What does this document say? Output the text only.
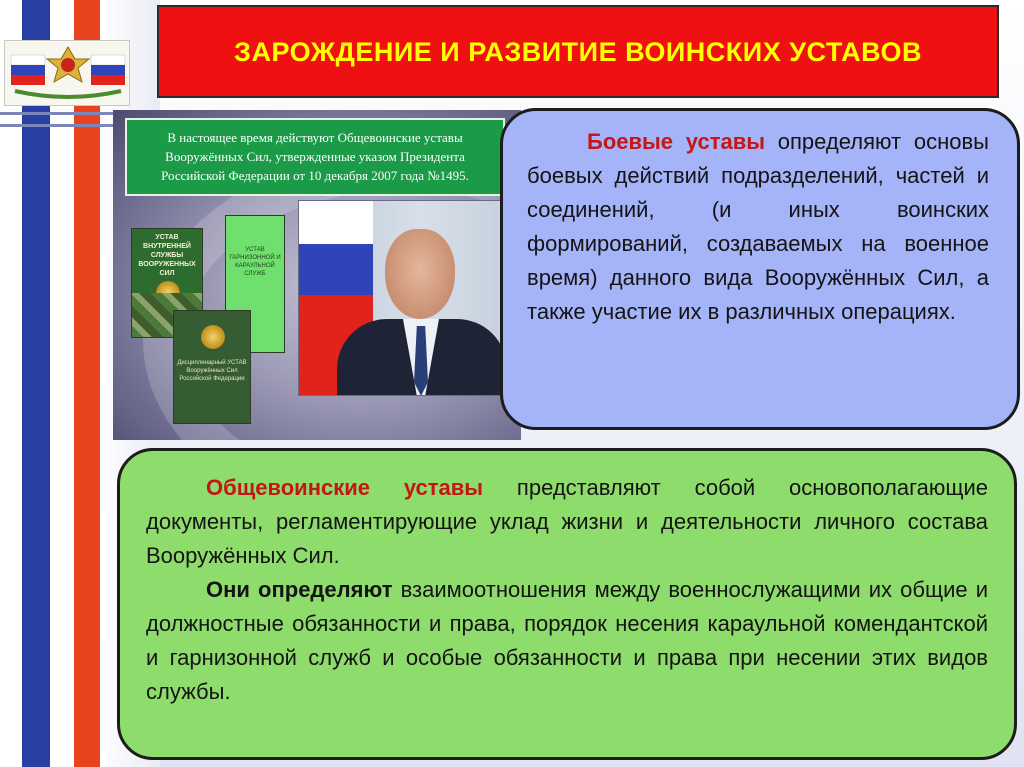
ЗАРОЖДЕНИЕ И РАЗВИТИЕ ВОИНСКИХ УСТАВОВ
В настоящее время действуют Общевоинские уставы Вооружённых Сил, утвержденные указом Президента Российской Федерации от 10 декабря 2007 года №1495.
УСТАВ ВНУТРЕННЕЙ СЛУЖБЫ ВООРУЖЕННЫХ СИЛ
УСТАВ ГАРНИЗОННОЙ И КАРАУЛЬНОЙ СЛУЖБ
Дисциплинарный УСТАВ Вооружённых Сил Российской Федерации

Боевые уставы определяют основы боевых действий подразделений, частей и соединений, (и иных воинских формирований, создаваемых на военное время) данного вида Вооружённых Сил, а также участие их в различных операциях.

Общевоинские уставы представляют собой основополагающие документы, регламентирующие уклад жизни и деятельности личного состава Вооружённых Сил.

Они определяют взаимоотношения между военнослужащими их общие и должностные обязанности и права, порядок несения караульной комендантской и гарнизонной служб и особые обязанности и права при несении этих видов службы.
